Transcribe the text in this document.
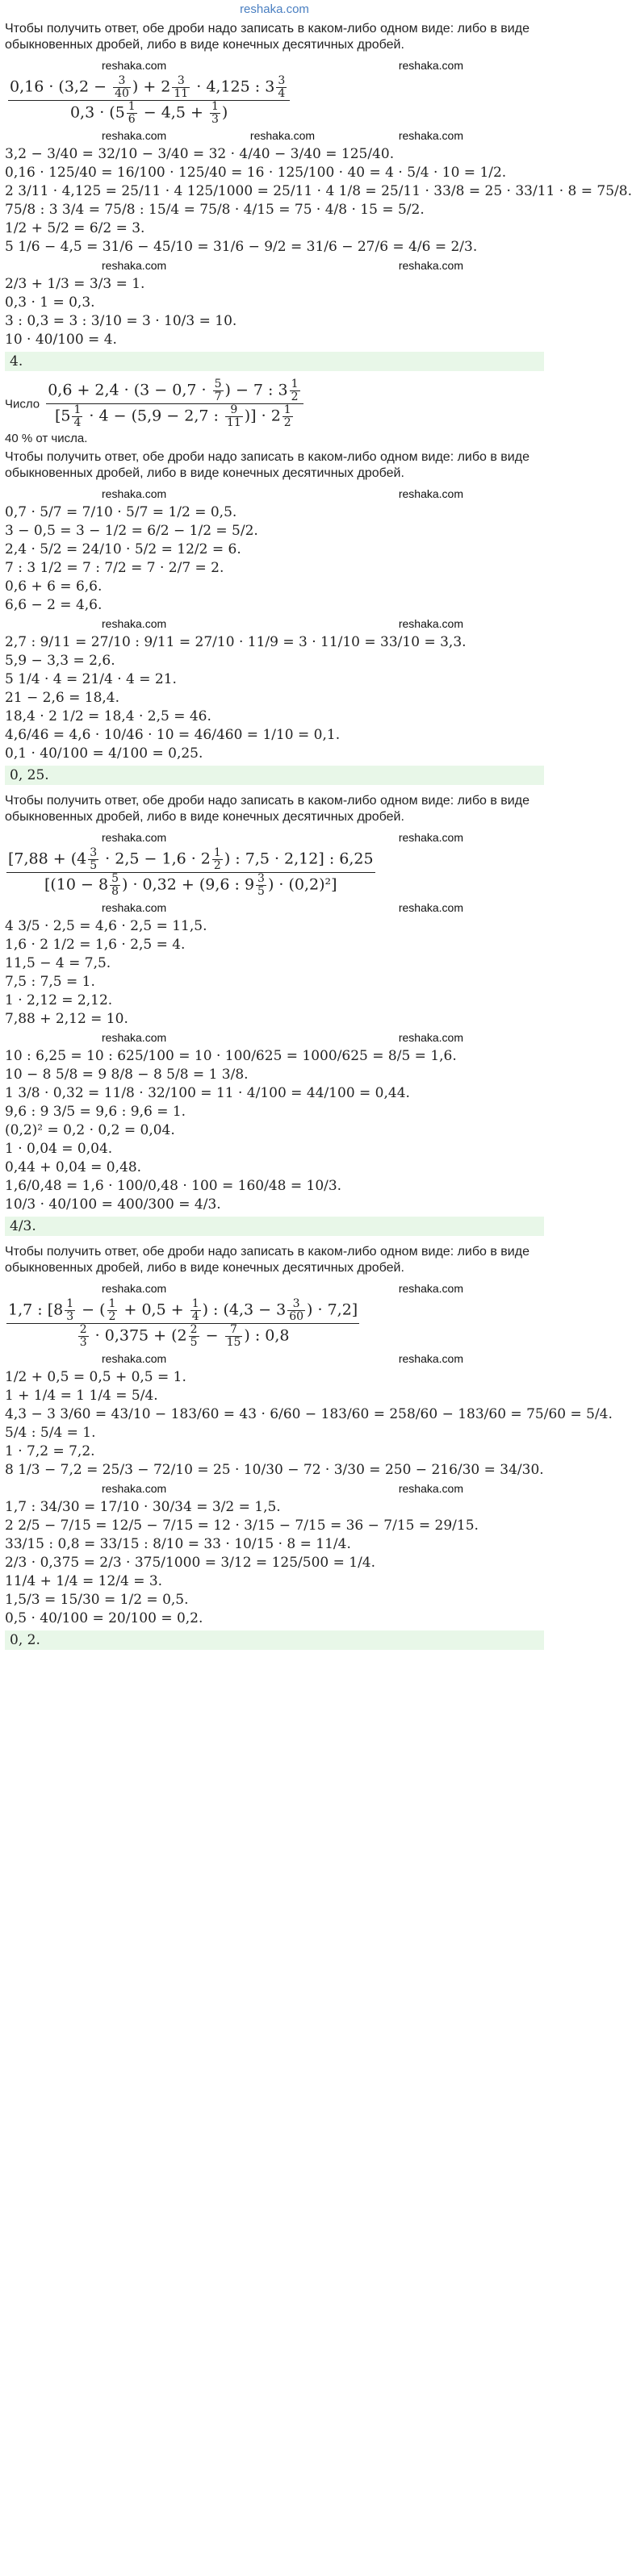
reshaka.com
Чтобы получить ответ, обе дроби надо записать в каком-либо одном виде: либо в виде обыкновенных дробей, либо в виде конечных десятичных дробей.
reshaka.com	reshaka.com
$\frac{0,16 \cdot (3,2 - \frac{3}{40} ) + 2 \frac{3}{11} \cdot 4,125 : 3 \frac{3}{4}}{0,3 \cdot (5 \frac{1}{6} - 4,5 + \frac{1}{3} )}$
reshaka.com	reshaka.com	reshaka.com
3,2 − 3/40 = 32/10 − 3/40 = 32 · 4/40 − 3/40 = 125/40.
0,16 · 125/40 = 16/100 · 125/40 = 16 · 125/100 · 40 = 4 · 5/4 · 10 = 1/2.
2 3/11 · 4,125 = 25/11 · 4 125/1000 = 25/11 · 4 1/8 = 25/11 · 33/8 = 25 · 33/11 · 8 = 75/8.
75/8 : 3 3/4 = 75/8 : 15/4 = 75/8 · 4/15 = 75 · 4/8 · 15 = 5/2.
1/2 + 5/2 = 6/2 = 3.
5 1/6 − 4,5 = 31/6 − 45/10 = 31/6 − 9/2 = 31/6 − 27/6 = 4/6 = 2/3.
reshaka.com	reshaka.com
2/3 + 1/3 = 3/3 = 1.
0,3 · 1 = 0,3.
3 : 0,3 = 3 : 3/10 = 3 · 10/3 = 10.
10 · 40/100 = 4.
4.
Число $\frac{0,6 + 2,4 \cdot (3 - 0,7 \cdot \frac{5}{7} ) - 7 : 3 \frac{1}{2}}{[5 \frac{1}{4} \cdot 4 - (5,9 - 2,7 : \frac{9}{11} )] \cdot 2 \frac{1}{2}}$
40 % от числа.
Чтобы получить ответ, обе дроби надо записать в каком-либо одном виде: либо в виде обыкновенных дробей, либо в виде конечных десятичных дробей.
reshaka.com	reshaka.com
0,7 · 5/7 = 7/10 · 5/7 = 1/2 = 0,5.
3 − 0,5 = 3 − 1/2 = 6/2 − 1/2 = 5/2.
2,4 · 5/2 = 24/10 · 5/2 = 12/2 = 6.
7 : 3 1/2 = 7 : 7/2 = 7 · 2/7 = 2.
0,6 + 6 = 6,6.
6,6 − 2 = 4,6.
reshaka.com	reshaka.com
2,7 : 9/11 = 27/10 : 9/11 = 27/10 · 11/9 = 3 · 11/10 = 33/10 = 3,3.
5,9 − 3,3 = 2,6.
5 1/4 · 4 = 21/4 · 4 = 21.
21 − 2,6 = 18,4.
18,4 · 2 1/2 = 18,4 · 2,5 = 46.
4,6/46 = 4,6 · 10/46 · 10 = 46/460 = 1/10 = 0,1.
0,1 · 40/100 = 4/100 = 0,25.
0, 25.
Чтобы получить ответ, обе дроби надо записать в каком-либо одном виде: либо в виде обыкновенных дробей, либо в виде конечных десятичных дробей.
reshaka.com	reshaka.com
$\frac{[7,88 + (4 \frac{3}{5} \cdot 2,5 - 1,6 \cdot 2 \frac{1}{2} ) : 7,5 \cdot 2,12] : 6,25}{[(10 - 8 \frac{5}{8} ) \cdot 0,32 + (9,6 : 9 \frac{3}{5} ) \cdot (0,2)^2]}$
reshaka.com	reshaka.com
4 3/5 · 2,5 = 4,6 · 2,5 = 11,5.
1,6 · 2 1/2 = 1,6 · 2,5 = 4.
11,5 − 4 = 7,5.
7,5 : 7,5 = 1.
1 · 2,12 = 2,12.
7,88 + 2,12 = 10.
reshaka.com	reshaka.com
10 : 6,25 = 10 : 625/100 = 10 · 100/625 = 1000/625 = 8/5 = 1,6.
10 − 8 5/8 = 9 8/8 − 8 5/8 = 1 3/8.
1 3/8 · 0,32 = 11/8 · 32/100 = 11 · 4/100 = 44/100 = 0,44.
9,6 : 9 3/5 = 9,6 : 9,6 = 1.
(0,2)² = 0,2 · 0,2 = 0,04.
1 · 0,04 = 0,04.
0,44 + 0,04 = 0,48.
1,6/0,48 = 1,6 · 100/0,48 · 100 = 160/48 = 10/3.
10/3 · 40/100 = 400/300 = 4/3.
4/3.
Чтобы получить ответ, обе дроби надо записать в каком-либо одном виде: либо в виде обыкновенных дробей, либо в виде конечных десятичных дробей.
reshaka.com	reshaka.com
$\frac{1,7 : [8 \frac{1}{3} - ( \frac{1}{2} + 0,5 + \frac{1}{4} ) : (4,3 - 3 \frac{3}{60} ) \cdot 7,2]}{\frac{2}{3} \cdot 0,375 + (2 \frac{2}{5} - \frac{7}{15} ) : 0,8}$
reshaka.com	reshaka.com
1/2 + 0,5 = 0,5 + 0,5 = 1.
1 + 1/4 = 1 1/4 = 5/4.
4,3 − 3 3/60 = 43/10 − 183/60 = 43 · 6/60 − 183/60 = 258/60 − 183/60 = 75/60 = 5/4.
5/4 : 5/4 = 1.
1 · 7,2 = 7,2.
8 1/3 − 7,2 = 25/3 − 72/10 = 25 · 10/30 − 72 · 3/30 = 250 − 216/30 = 34/30.
reshaka.com	reshaka.com
1,7 : 34/30 = 17/10 · 30/34 = 3/2 = 1,5.
2 2/5 − 7/15 = 12/5 − 7/15 = 12 · 3/15 − 7/15 = 36 − 7/15 = 29/15.
33/15 : 0,8 = 33/15 : 8/10 = 33 · 10/15 · 8 = 11/4.
2/3 · 0,375 = 2/3 · 375/1000 = 3/12 = 125/500 = 1/4.
11/4 + 1/4 = 12/4 = 3.
1,5/3 = 15/30 = 1/2 = 0,5.
0,5 · 40/100 = 20/100 = 0,2.
0, 2.
